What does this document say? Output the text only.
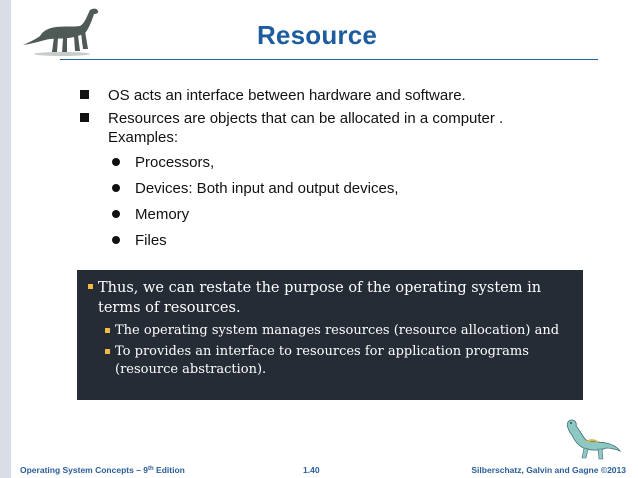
Resource
OS acts an interface between hardware and software.
Resources are objects that can be allocated in a computer .
Examples:
Processors,
Devices: Both input and output devices,
Memory
Files
Thus, we can restate the purpose of the operating system in terms of resources.
The operating system manages resources (resource allocation) and
To provides an interface to resources for application programs (resource abstraction).
Operating System Concepts – 9th Edition	1.40	Silberschatz, Galvin and Gagne ©2013
